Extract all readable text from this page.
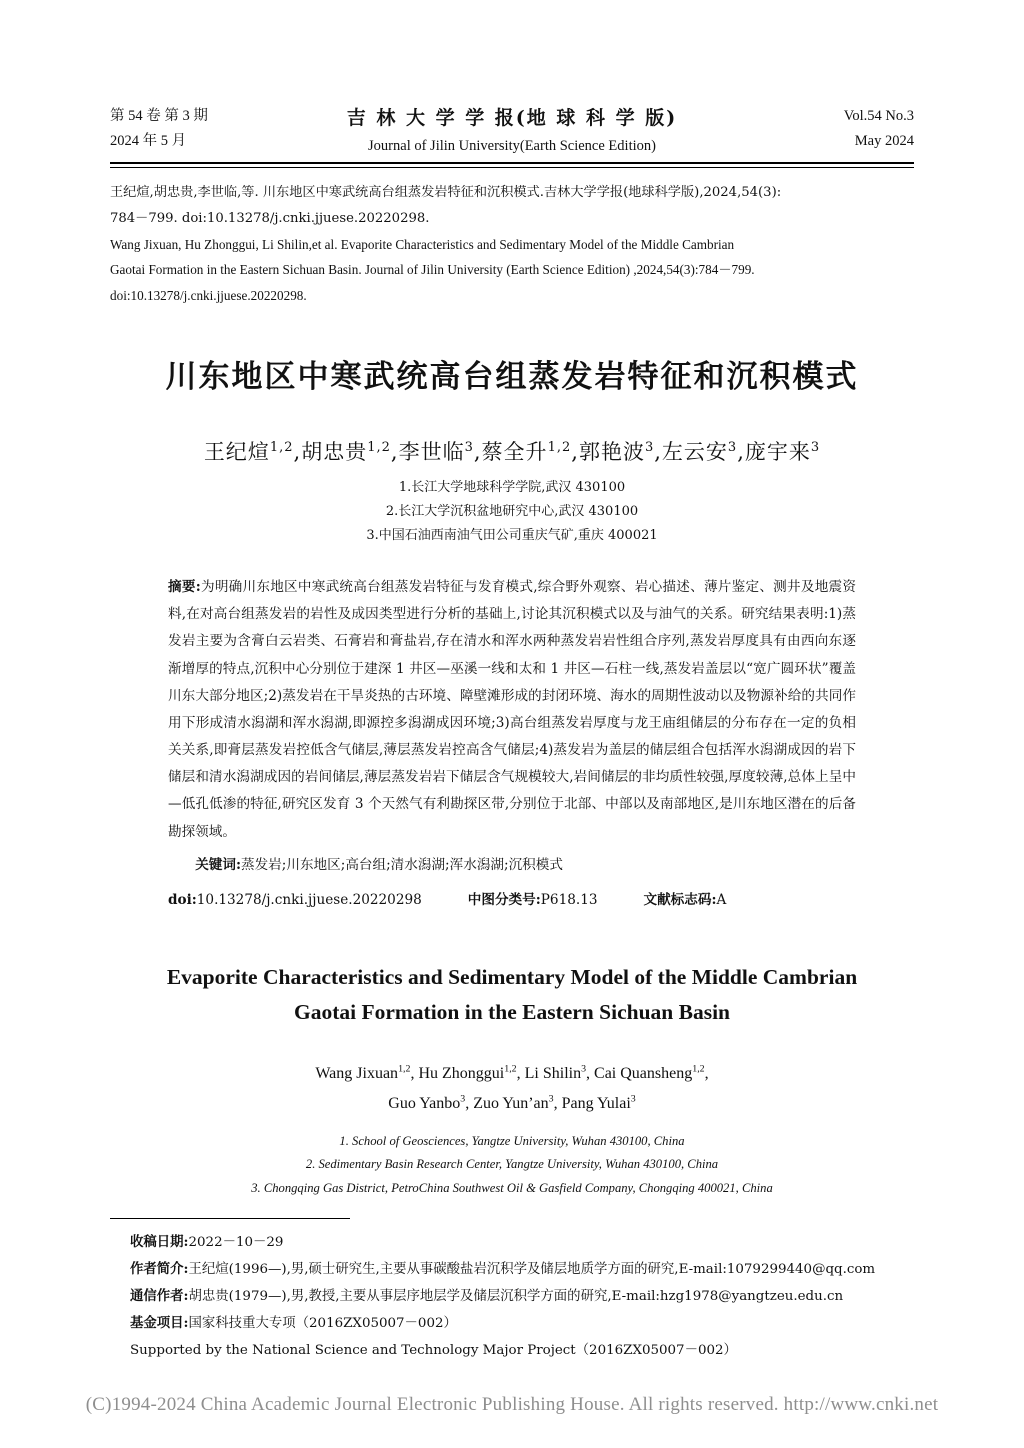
第 54 卷 第 3 期
2024 年 5 月
吉 林 大 学 学 报(地 球 科 学 版)
Journal of Jilin University(Earth Science Edition)
Vol.54 No.3
May 2024

王纪煊,胡忠贵,李世临,等. 川东地区中寒武统高台组蒸发岩特征和沉积模式.吉林大学学报(地球科学版),2024,54(3):

784－799. doi:10.13278/j.cnki.jjuese.20220298.

Wang Jixuan, Hu Zhonggui, Li Shilin,et al. Evaporite Characteristics and Sedimentary Model of the Middle Cambrian

Gaotai Formation in the Eastern Sichuan Basin. Journal of Jilin University (Earth Science Edition) ,2024,54(3):784－799.

doi:10.13278/j.cnki.jjuese.20220298.

川东地区中寒武统高台组蒸发岩特征和沉积模式
王纪煊$^{1,2}$,胡忠贵$^{1,2}$,李世临$^3$,蔡全升$^{1,2}$,郭艳波$^3$,左云安$^3$,庞宇来$^3$
1.长江大学地球科学学院,武汉 430100
2.长江大学沉积盆地研究中心,武汉 430100
3.中国石油西南油气田公司重庆气矿,重庆 400021
摘要:为明确川东地区中寒武统高台组蒸发岩特征与发育模式,综合野外观察、岩心描述、薄片鉴定、测井及地震资料,在对高台组蒸发岩的岩性及成因类型进行分析的基础上,讨论其沉积模式以及与油气的关系。研究结果表明:1)蒸发岩主要为含膏白云岩类、石膏岩和膏盐岩,存在清水和浑水两种蒸发岩岩性组合序列,蒸发岩厚度具有由西向东逐渐增厚的特点,沉积中心分别位于建深 1 井区—巫溪一线和太和 1 井区—石柱一线,蒸发岩盖层以“宽广圆环状”覆盖川东大部分地区;2)蒸发岩在干旱炎热的古环境、障壁滩形成的封闭环境、海水的周期性波动以及物源补给的共同作用下形成清水潟湖和浑水潟湖,即源控多潟湖成因环境;3)高台组蒸发岩厚度与龙王庙组储层的分布存在一定的负相关关系,即膏层蒸发岩控低含气储层,薄层蒸发岩控高含气储层;4)蒸发岩为盖层的储层组合包括浑水潟湖成因的岩下储层和清水潟湖成因的岩间储层,薄层蒸发岩岩下储层含气规模较大,岩间储层的非均质性较强,厚度较薄,总体上呈中—低孔低渗的特征,研究区发育 3 个天然气有利勘探区带,分别位于北部、中部以及南部地区,是川东地区潜在的后备勘探领域。
关键词:蒸发岩;川东地区;高台组;清水潟湖;浑水潟湖;沉积模式
doi:10.13278/j.cnki.jjuese.20220298	中图分类号:P618.13	文献标志码:A
Evaporite Characteristics and Sedimentary Model of the Middle Cambrian
Gaotai Formation in the Eastern Sichuan Basin
Wang Jixuan$^{1,2}$, Hu Zhonggui$^{1,2}$, Li Shilin$^3$, Cai Quansheng$^{1,2}$,
Guo Yanbo$^3$, Zuo $Yun’an^3$, Pang Yulai$^3$
1. School of Geosciences, Yangtze University, Wuhan 430100, China
2. Sedimentary Basin Research Center, Yangtze University, Wuhan 430100, China
3. Chongqing Gas District, PetroChina Southwest Oil & Gasfield Company, Chongqing 400021, China

收稿日期:2022－10－29

作者简介:王纪煊(1996—),男,硕士研究生,主要从事碳酸盐岩沉积学及储层地质学方面的研究,E-mail:1079299440@qq.com

通信作者:胡忠贵(1979—),男,教授,主要从事层序地层学及储层沉积学方面的研究,E-mail:hzg1978@yangtzeu.edu.cn

基金项目:国家科技重大专项（2016ZX05007－002）

Supported by the National Science and Technology Major Project（2016ZX05007－002）

(C)1994-2024 China Academic Journal Electronic Publishing House. All rights reserved. http://www.cnki.net
